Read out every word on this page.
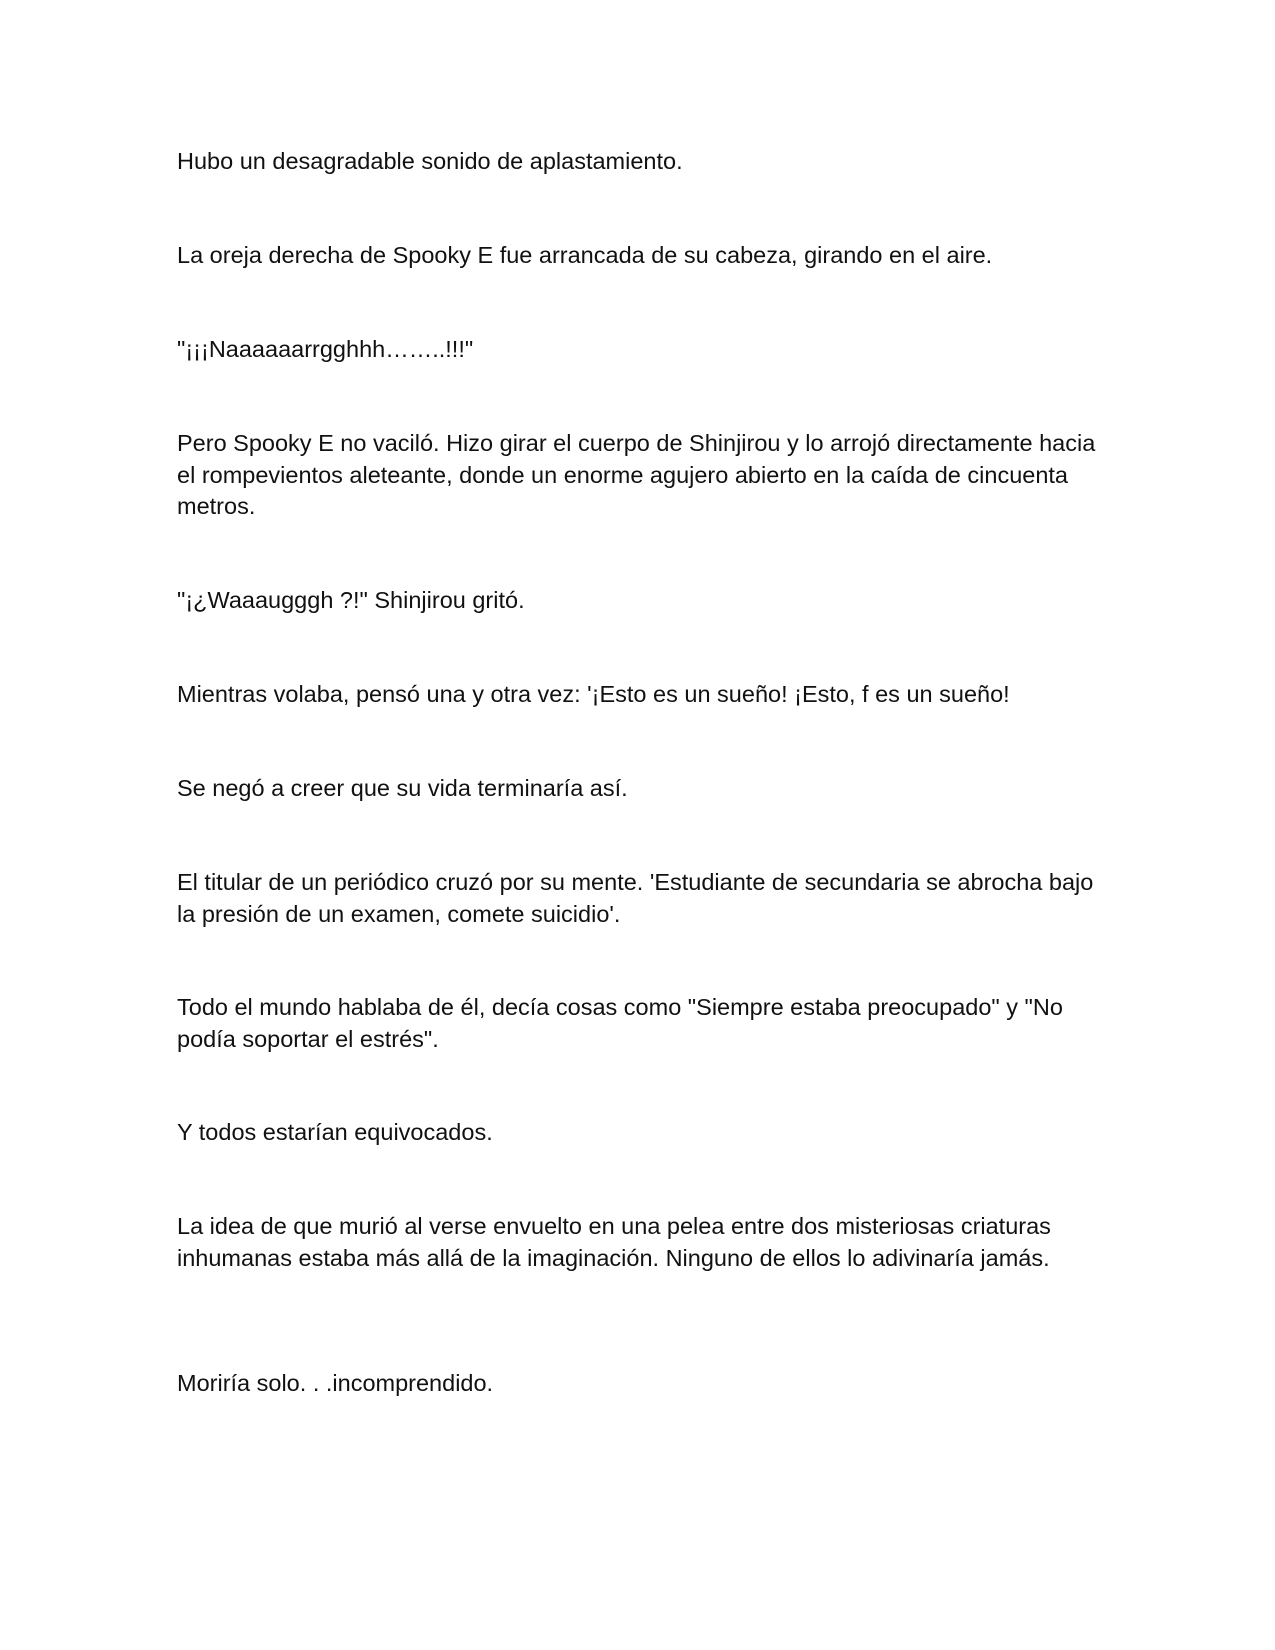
Hubo un desagradable sonido de aplastamiento.

La oreja derecha de Spooky E fue arrancada de su cabeza, girando en el aire.

"¡¡¡Naaaaaarrgghhh……..!!!"

Pero Spooky E no vaciló. Hizo girar el cuerpo de Shinjirou y lo arrojó directamente hacia el rompevientos aleteante, donde un enorme agujero abierto en la caída de cincuenta metros.

"¡¿Waaaugggh ?!" Shinjirou gritó.

Mientras volaba, pensó una y otra vez: '¡Esto es un sueño! ¡Esto, f es un sueño!

Se negó a creer que su vida terminaría así.

El titular de un periódico cruzó por su mente. 'Estudiante de secundaria se abrocha bajo la presión de un examen, comete suicidio'.

Todo el mundo hablaba de él, decía cosas como "Siempre estaba preocupado" y "No podía soportar el estrés".

Y todos estarían equivocados.

La idea de que murió al verse envuelto en una pelea entre dos misteriosas criaturas inhumanas estaba más allá de la imaginación. Ninguno de ellos lo adivinaría jamás.

Moriría solo. . .incomprendido.
